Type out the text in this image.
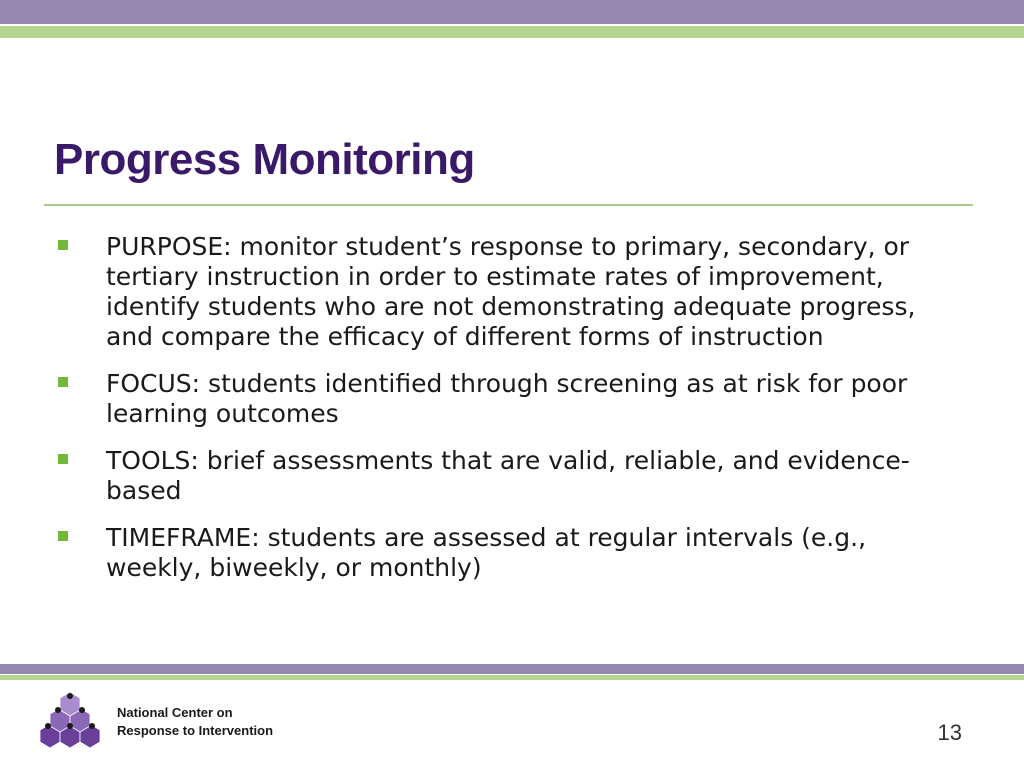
Progress Monitoring
PURPOSE: monitor student’s response to primary, secondary, or tertiary instruction in order to estimate rates of improvement, identify students who are not demonstrating adequate progress, and compare the efficacy of different forms of instruction
FOCUS: students identified through screening as at risk for poor learning outcomes
TOOLS: brief assessments that are valid, reliable, and evidence-based
TIMEFRAME: students are assessed at regular intervals (e.g., weekly, biweekly, or monthly)
National Center on
Response to Intervention	13
